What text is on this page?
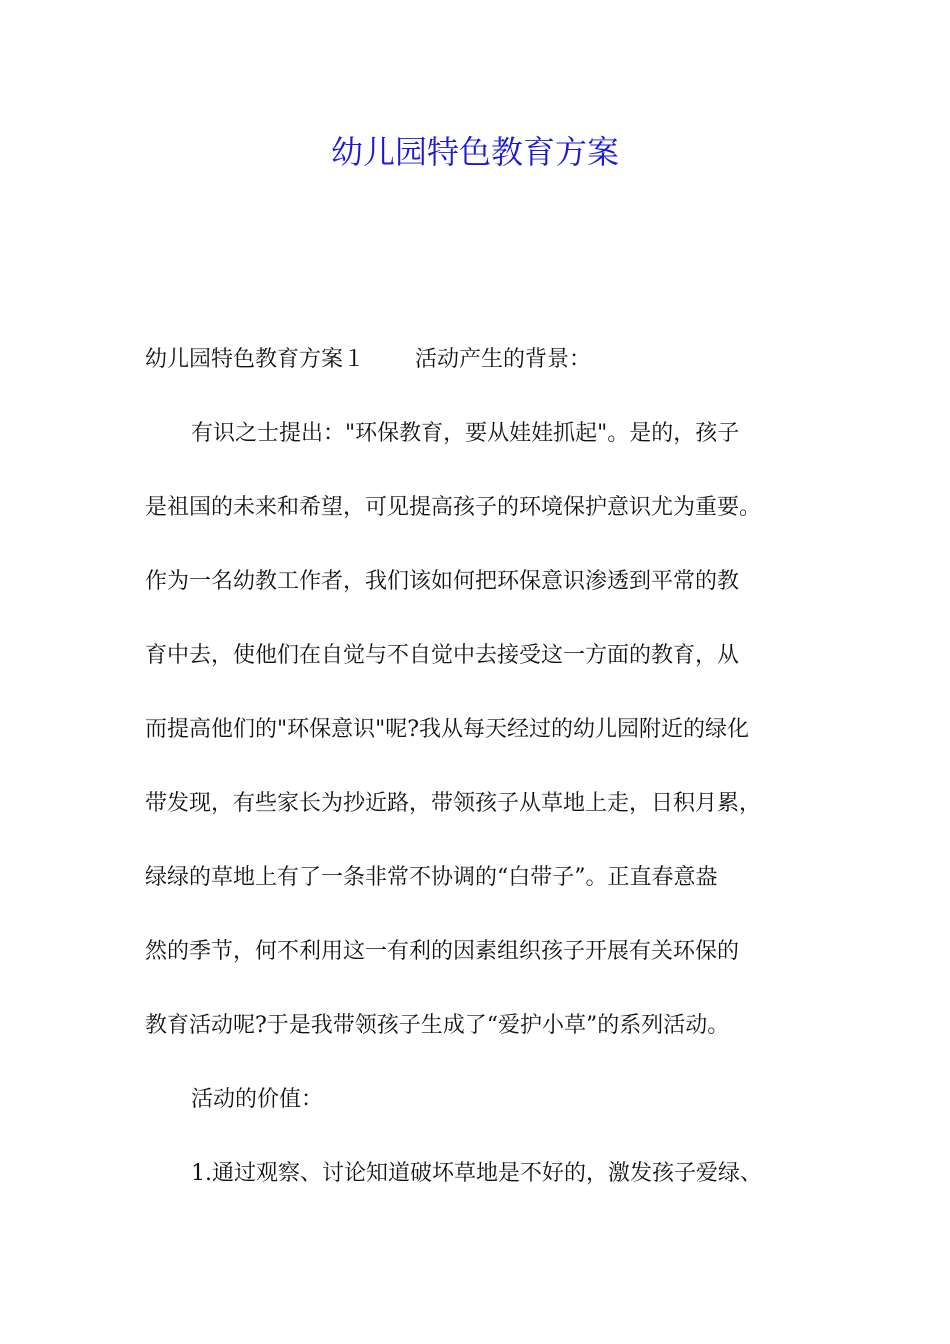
幼儿园特色教育方案
幼儿园特色教育方案１ 活动产生的背景：
有识之士提出："环保教育，要从娃娃抓起"。是的，孩子
是祖国的未来和希望，可见提高孩子的环境保护意识尤为重要。
作为一名幼教工作者，我们该如何把环保意识渗透到平常的教
育中去，使他们在自觉与不自觉中去接受这一方面的教育，从
而提高他们的"环保意识"呢?我从每天经过的幼儿园附近的绿化
带发现，有些家长为抄近路，带领孩子从草地上走，日积月累，
绿绿的草地上有了一条非常不协调的“白带子”。正直春意盎
然的季节，何不利用这一有利的因素组织孩子开展有关环保的
教育活动呢?于是我带领孩子生成了“爱护小草”的系列活动。
活动的价值：
1.通过观察、讨论知道破坏草地是不好的，激发孩子爱绿、
